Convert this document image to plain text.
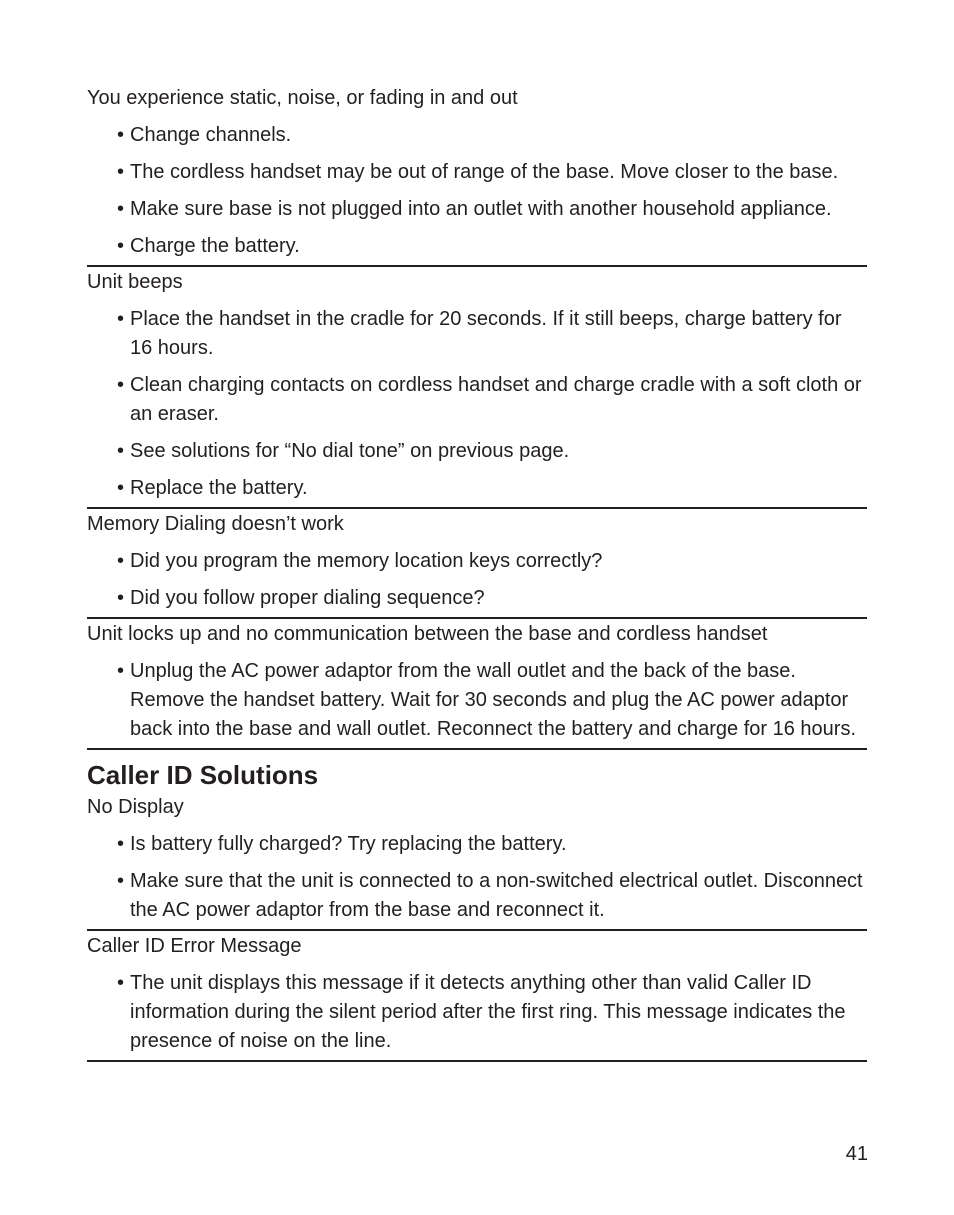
You experience static, noise, or fading in and out

• Change channels.
• The cordless handset may be out of range of the base. Move closer to the base.
• Make sure base is not plugged into an outlet with another household appliance.
• Charge the battery.

Unit beeps

• Place the handset in the cradle for 20 seconds. If it still beeps, charge battery for 16 hours.
• Clean charging contacts on cordless handset and charge cradle with a soft cloth or an eraser.
• See solutions for “No dial tone” on previous page.
• Replace the battery.

Memory Dialing doesn’t work

• Did you program the memory location keys correctly?
• Did you follow proper dialing sequence?

Unit locks up and no communication between the base and cordless handset

• Unplug the AC power adaptor from the wall outlet and the back of the base. Remove the handset battery. Wait for 30 seconds and plug the AC power adaptor back into the base and wall outlet. Reconnect the battery and charge for 16 hours.
Caller ID Solutions

No Display

• Is battery fully charged? Try replacing the battery.
• Make sure that the unit is connected to a non-switched electrical outlet. Disconnect the AC power adaptor from the base and reconnect it.

Caller ID Error Message

• The unit displays this message if it detects anything other than valid Caller ID information during the silent period after the first ring. This message indicates the presence of noise on the line.
41
